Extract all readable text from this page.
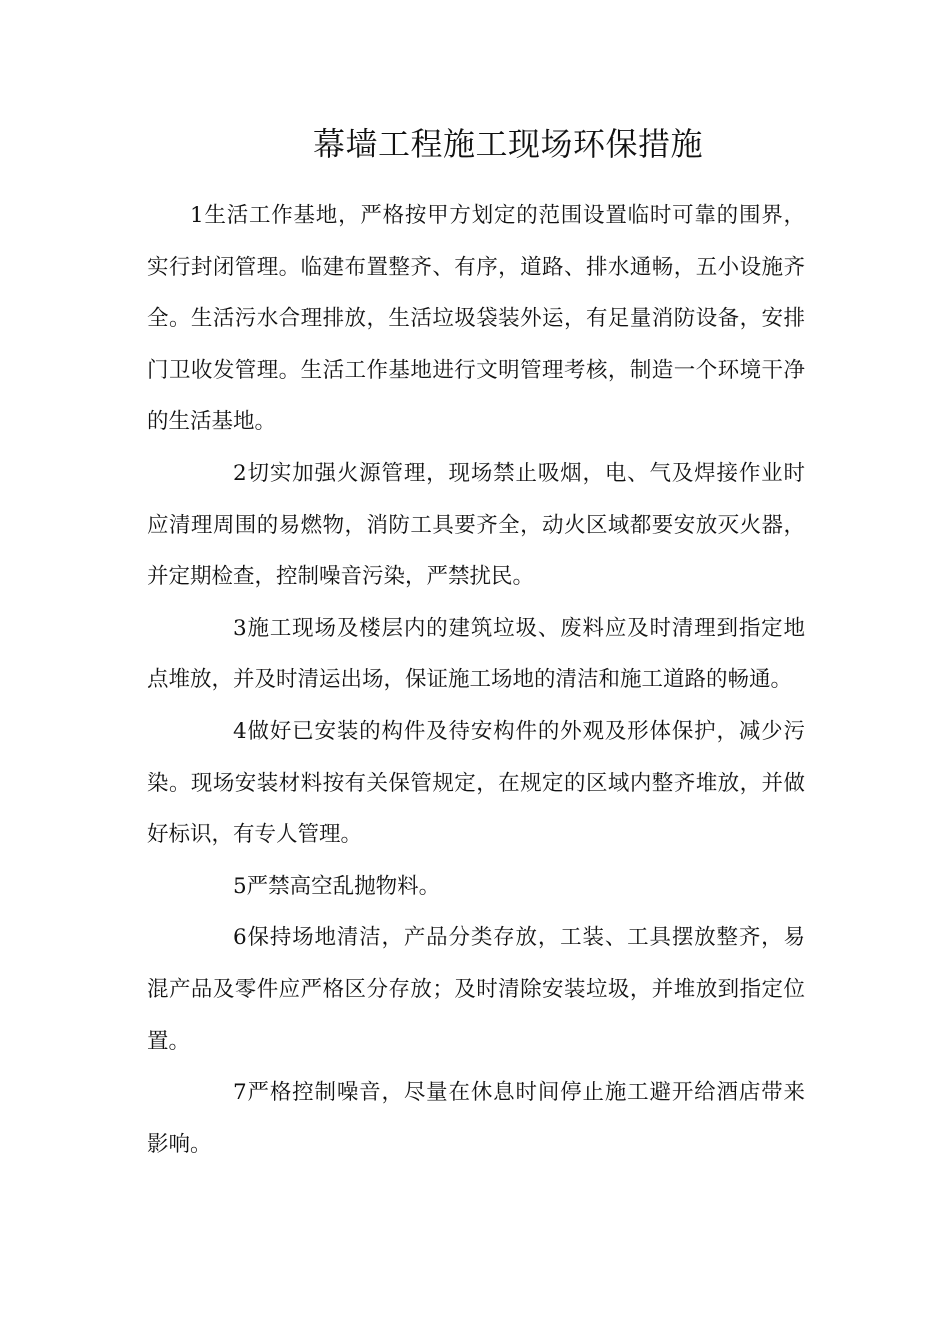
幕墙工程施工现场环保措施

1生活工作基地，严格按甲方划定的范围设置临时可靠的围界，实行封闭管理。临建布置整齐、有序，道路、排水通畅，五小设施齐全。生活污水合理排放，生活垃圾袋装外运，有足量消防设备，安排门卫收发管理。生活工作基地进行文明管理考核，制造一个环境干净的生活基地。

2切实加强火源管理，现场禁止吸烟，电、气及焊接作业时应清理周围的易燃物，消防工具要齐全，动火区域都要安放灭火器，并定期检查，控制噪音污染，严禁扰民。

3施工现场及楼层内的建筑垃圾、废料应及时清理到指定地点堆放，并及时清运出场，保证施工场地的清洁和施工道路的畅通。

4做好已安装的构件及待安构件的外观及形体保护，减少污染。现场安装材料按有关保管规定，在规定的区域内整齐堆放，并做好标识，有专人管理。

5严禁高空乱抛物料。

6保持场地清洁，产品分类存放，工装、工具摆放整齐，易混产品及零件应严格区分存放；及时清除安装垃圾，并堆放到指定位置。

7严格控制噪音，尽量在休息时间停止施工避开给酒店带来影响。
